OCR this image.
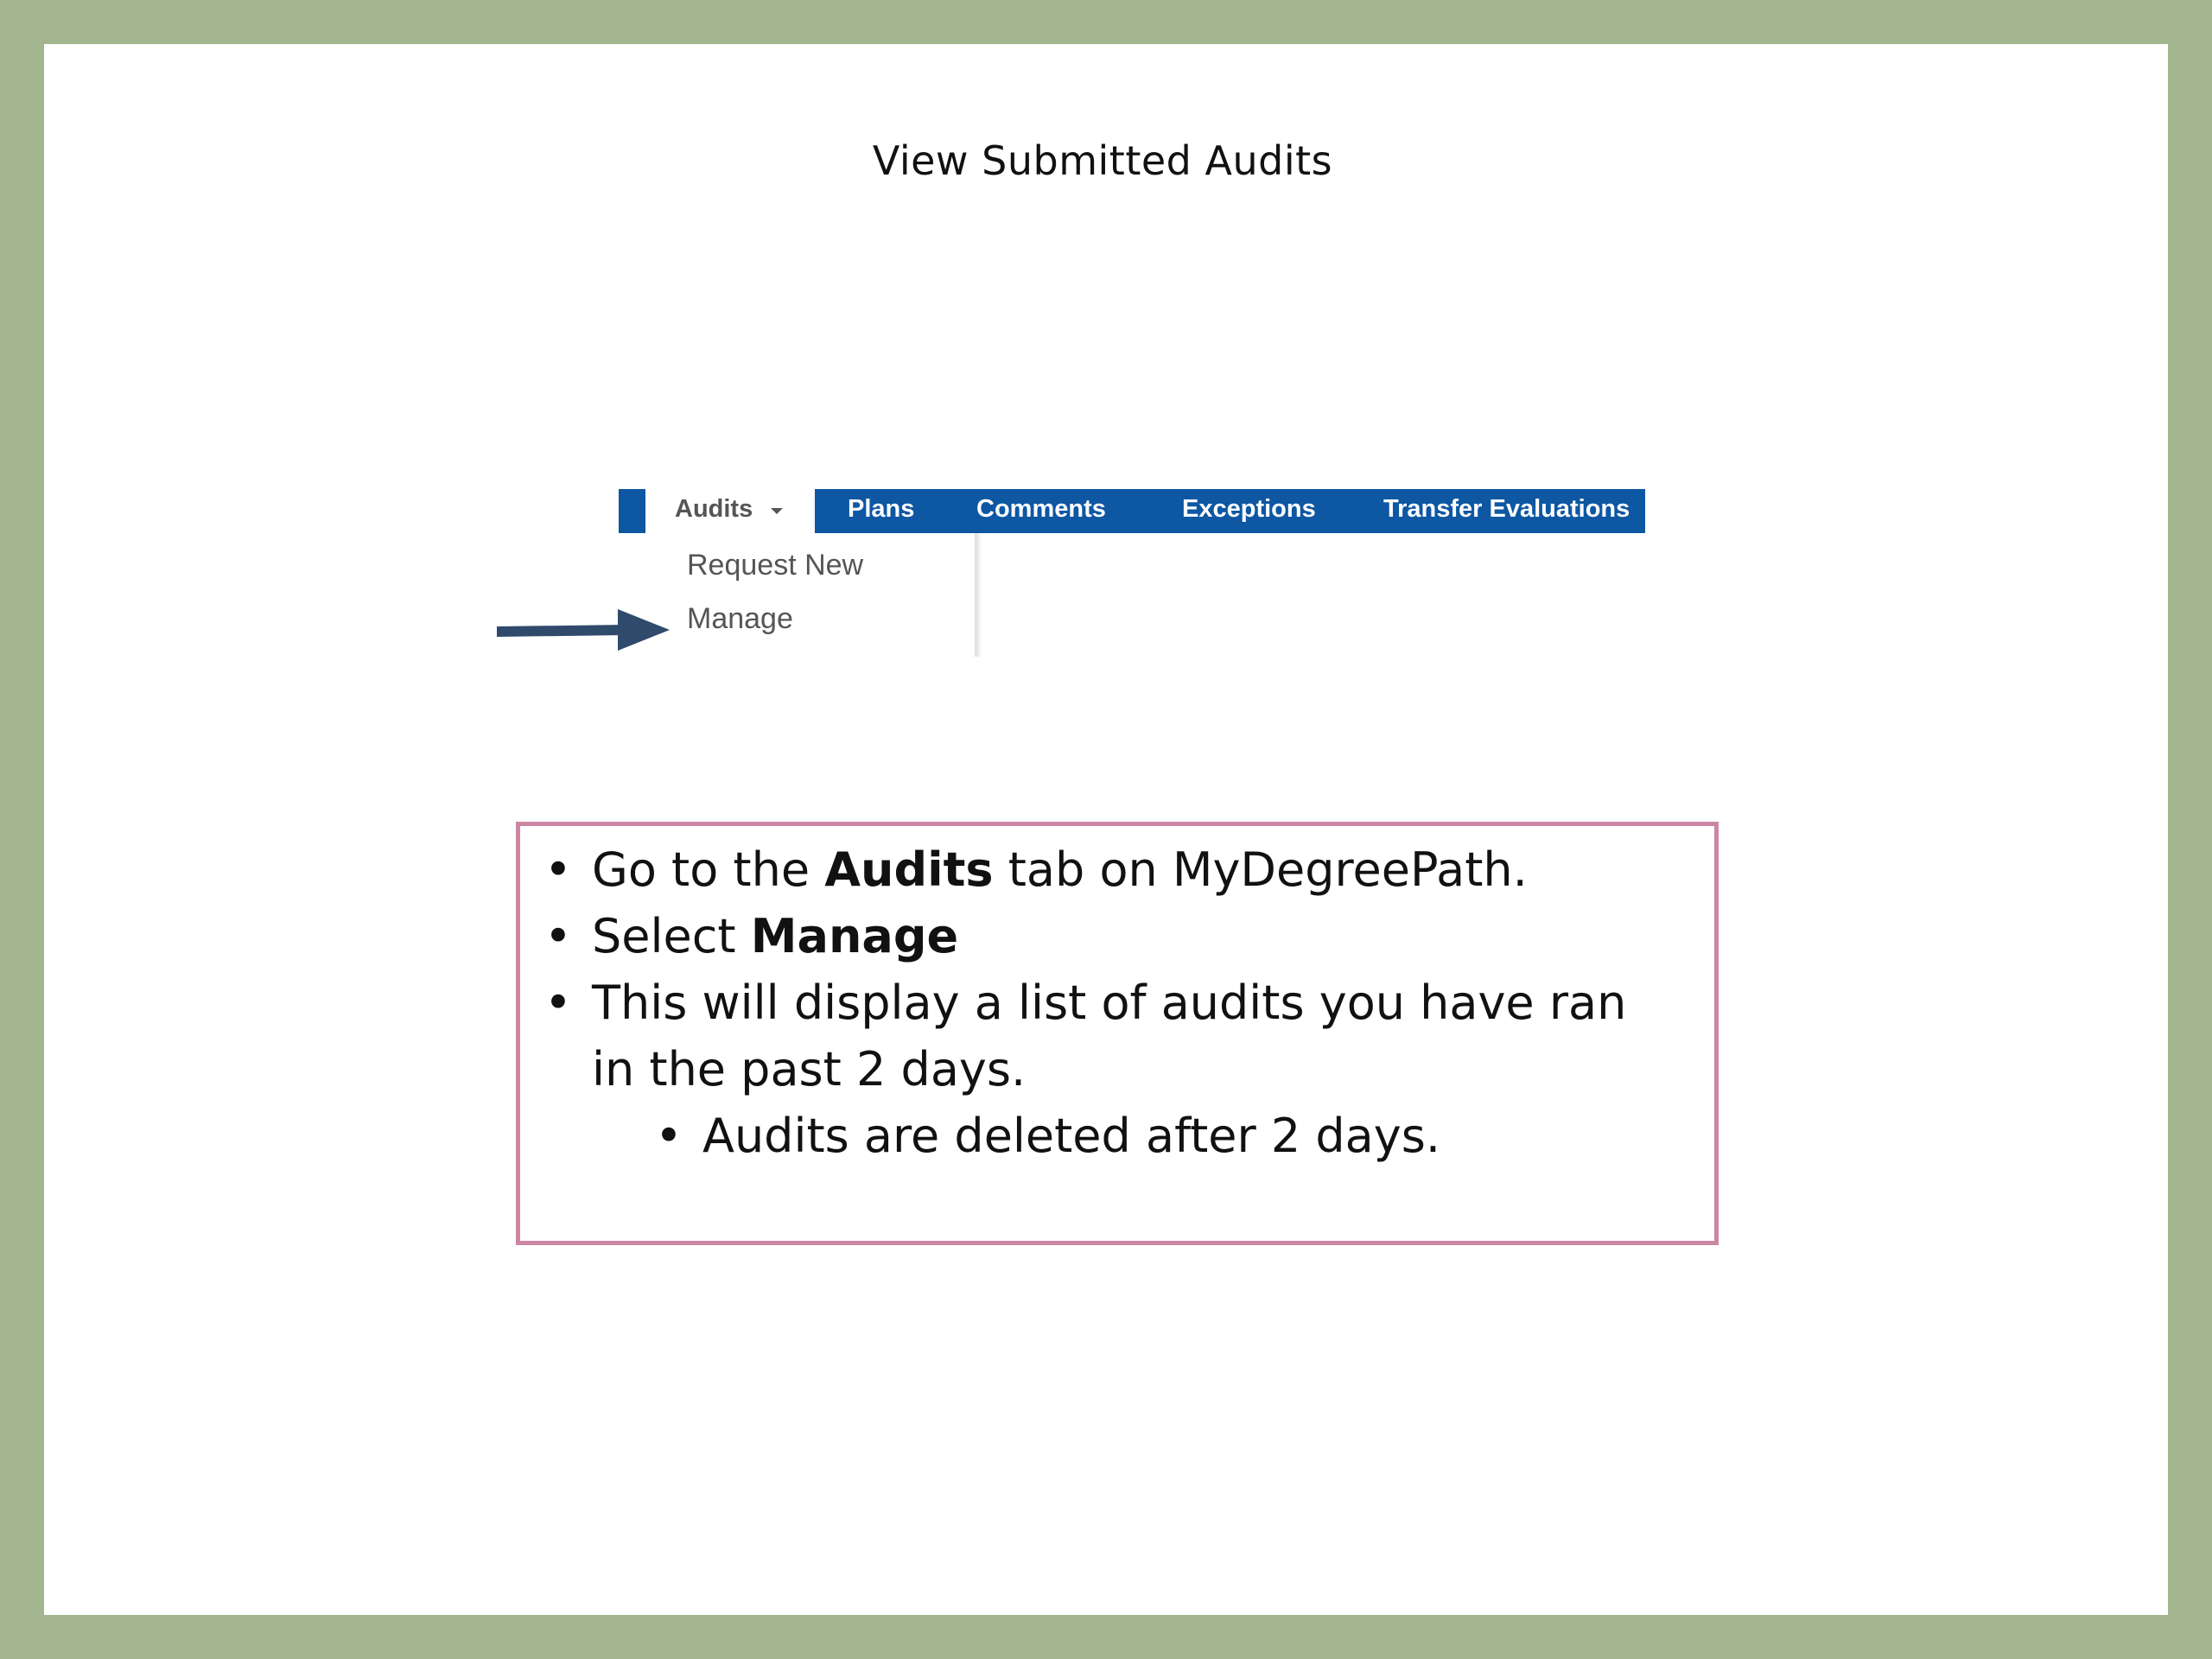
View Submitted Audits
Audits	Plans Comments	Exceptions	Transfer Evaluations
Request New
Manage
• Go to the Audits tab on MyDegreePath.
• Select Manage
• This will display a list of audits you have ran in the past 2 days.
• Audits are deleted after 2 days.
